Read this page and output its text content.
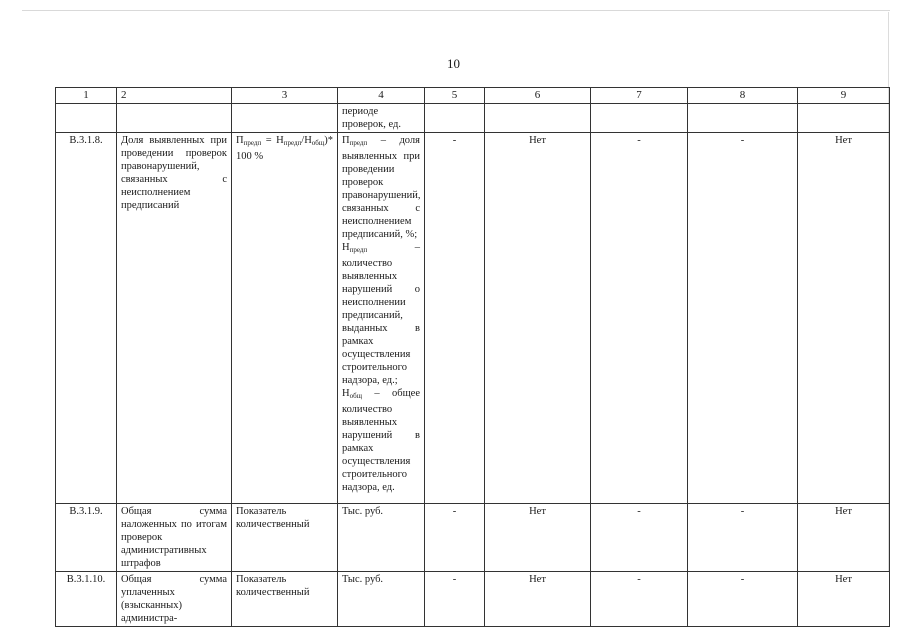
10
1	2	3	4	5	6	7	8	9
			периоде проверок, ед.					
В.3.1.8.	Доля выявленных при проведении проверок правонарушений, связанных с неисполнением предписаний	$П_{предп} = Н_{предп}/Н_{общ})*$ 100 %	$П_{предп}$ – доля выявленных при проведении проверок правонарушений, связанных с неисполнением предписаний, %;
$Н_{предп}$ – количество выявленных нарушений о неисполнении предписаний, выданных в рамках осуществления строительного надзора, ед.;
$Н_{общ}$ – общее количество выявленных нарушений в рамках осуществления строительного надзора, ед.	-	Нет	-	-	Нет
В.3.1.9.	Общая сумма наложенных по итогам проверок административных штрафов	Показатель количественный	Тыс. руб.	-	Нет	-	-	Нет
В.3.1.10.	Общая сумма уплаченных (взысканных) администра-	Показатель количественный	Тыс. руб.	-	Нет	-	-	Нет
